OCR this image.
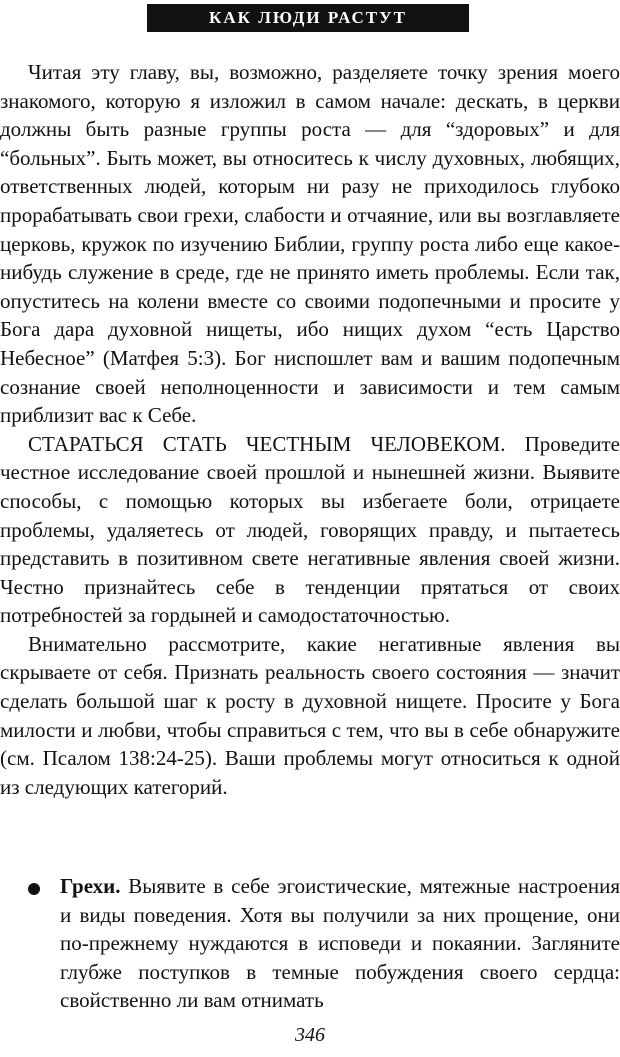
КАК ЛЮДИ РАСТУТ

Читая эту главу, вы, возможно, разделяете точку зрения моего знакомого, которую я изложил в самом начале: дескать, в церкви должны быть разные группы роста — для “здоровых” и для “больных”. Быть может, вы относитесь к числу духовных, любящих, ответственных людей, которым ни разу не приходилось глубоко прорабатывать свои грехи, слабости и отчаяние, или вы возглавляете церковь, кружок по изучению Библии, группу роста либо еще какое-нибудь служение в среде, где не принято иметь проблемы. Если так, опуститесь на колени вместе со своими подопечными и просите у Бога дара духовной нищеты, ибо нищих духом “есть Царство Небесное” (Матфея 5:3). Бог ниспошлет вам и вашим подопечным сознание своей неполноценности и зависимости и тем самым приблизит вас к Себе.

СТАРАТЬСЯ СТАТЬ ЧЕСТНЫМ ЧЕЛОВЕКОМ. Проведите честное исследование своей прошлой и нынешней жизни. Выявите способы, с помощью которых вы избегаете боли, отрицаете проблемы, удаляетесь от людей, говорящих правду, и пытаетесь представить в позитивном свете негативные явления своей жизни. Честно признайтесь себе в тенденции прятаться от своих потребностей за гордыней и самодостаточностью.

Внимательно рассмотрите, какие негативные явления вы скрываете от себя. Признать реальность своего состояния — значит сделать большой шаг к росту в духовной нищете. Просите у Бога милости и любви, чтобы справиться с тем, что вы в себе обнаружите (см. Псалом 138:24-25). Ваши проблемы могут относиться к одной из следующих категорий.

Грехи. Выявите в себе эгоистические, мятежные настроения и виды поведения. Хотя вы получили за них прощение, они по-прежнему нуждаются в исповеди и покаянии. Загляните глубже поступков в темные побуждения своего сердца: свойственно ли вам отнимать
346
